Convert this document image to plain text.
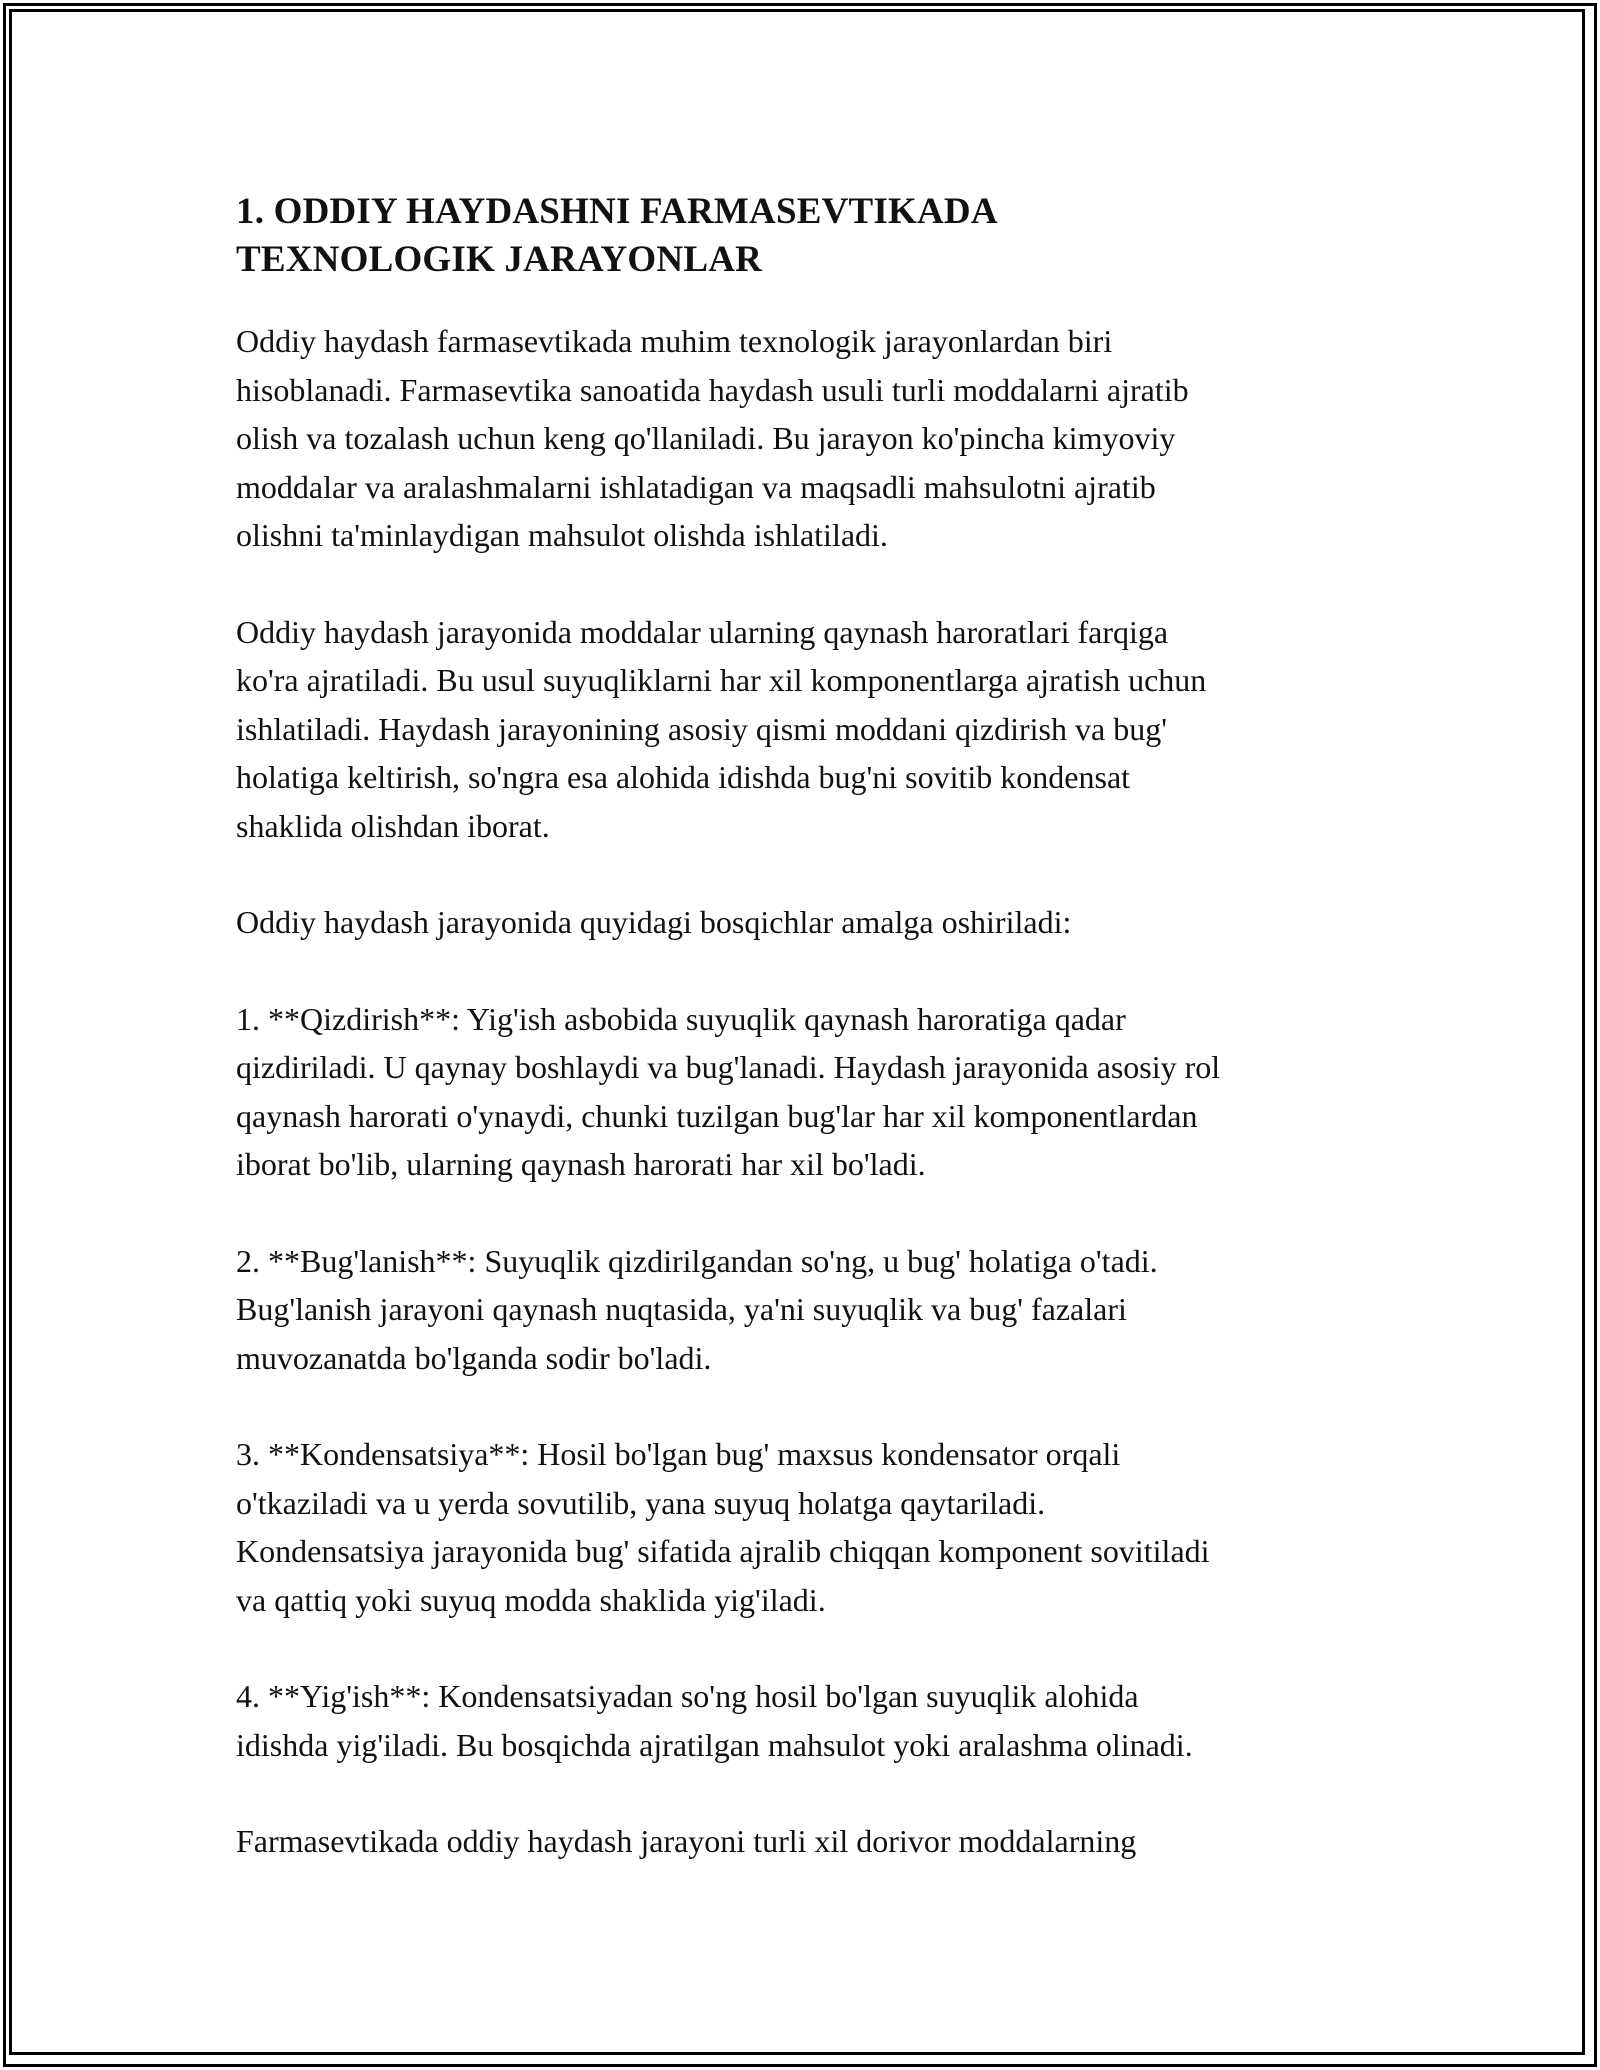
1. ODDIY HAYDASHNI FARMASEVTIKADA
TEXNOLOGIK JARAYONLAR

Oddiy haydash farmasevtikada muhim texnologik jarayonlardan biri
hisoblanadi. Farmasevtika sanoatida haydash usuli turli moddalarni ajratib
olish va tozalash uchun keng qo'llaniladi. Bu jarayon ko'pincha kimyoviy
moddalar va aralashmalarni ishlatadigan va maqsadli mahsulotni ajratib
olishni ta'minlaydigan mahsulot olishda ishlatiladi.

Oddiy haydash jarayonida moddalar ularning qaynash haroratlari farqiga
ko'ra ajratiladi. Bu usul suyuqliklarni har xil komponentlarga ajratish uchun
ishlatiladi. Haydash jarayonining asosiy qismi moddani qizdirish va bug'
holatiga keltirish, so'ngra esa alohida idishda bug'ni sovitib kondensat
shaklida olishdan iborat.

Oddiy haydash jarayonida quyidagi bosqichlar amalga oshiriladi:

1. **Qizdirish**: Yig'ish asbobida suyuqlik qaynash haroratiga qadar
qizdiriladi. U qaynay boshlaydi va bug'lanadi. Haydash jarayonida asosiy rol
qaynash harorati o'ynaydi, chunki tuzilgan bug'lar har xil komponentlardan
iborat bo'lib, ularning qaynash harorati har xil bo'ladi.

2. **Bug'lanish**: Suyuqlik qizdirilgandan so'ng, u bug' holatiga o'tadi.
Bug'lanish jarayoni qaynash nuqtasida, ya'ni suyuqlik va bug' fazalari
muvozanatda bo'lganda sodir bo'ladi.

3. **Kondensatsiya**: Hosil bo'lgan bug' maxsus kondensator orqali
o'tkaziladi va u yerda sovutilib, yana suyuq holatga qaytariladi.
Kondensatsiya jarayonida bug' sifatida ajralib chiqqan komponent sovitiladi
va qattiq yoki suyuq modda shaklida yig'iladi.

4. **Yig'ish**: Kondensatsiyadan so'ng hosil bo'lgan suyuqlik alohida
idishda yig'iladi. Bu bosqichda ajratilgan mahsulot yoki aralashma olinadi.

Farmasevtikada oddiy haydash jarayoni turli xil dorivor moddalarning
